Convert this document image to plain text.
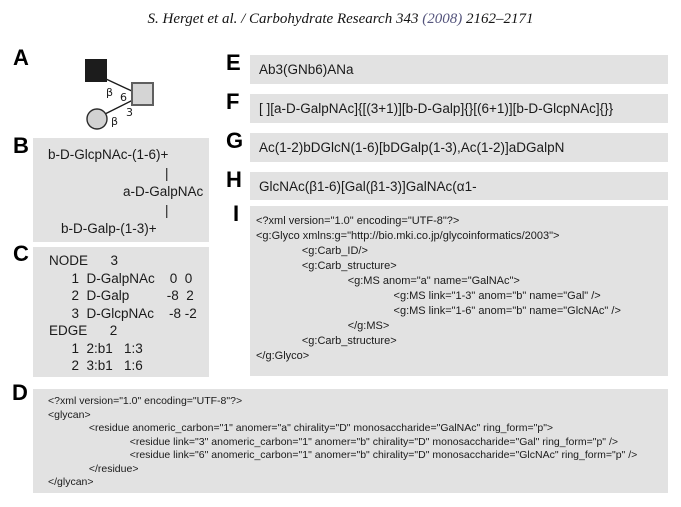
S. Herget et al. / Carbohydrate Research 343 (2008) 2162–2171
A
B
C
D
E
F
G
H
I
β 6
3
β
b-D-GlcpNAc-(1-6)+
|
a-D-GalpNAc
|
b-D-Galp-(1-3)+
NODE      3
1  D-GalpNAc    0  0
2  D-Galp          -8  2
3  D-GlcpNAc    -8 -2
EDGE      2
1  2:b1   1:3
2  3:b1   1:6
<?xml version="1.0" encoding="UTF-8"?>
<glycan>
	<residue anomeric_carbon="1" anomer="a" chirality="D" monosaccharide="GalNAc" ring_form="p">
		<residue link="3" anomeric_carbon="1" anomer="b" chirality="D" monosaccharide="Gal" ring_form="p" />
		<residue link="6" anomeric_carbon="1" anomer="b" chirality="D" monosaccharide="GlcNAc" ring_form="p" />
	</residue>
</glycan>
Ab3(GNb6)ANa
[ ][a-D-GalpNAc]{[(3+1)][b-D-Galp]{}[(6+1)][b-D-GlcpNAc]{}}
Ac(1-2)bDGlcN(1-6)[bDGalp(1-3),Ac(1-2)]aDGalpN
GlcNAc(β1-6)[Gal(β1-3)]GalNAc(α1-
<?xml version="1.0" encoding="UTF-8"?>
<g:Glyco xmlns:g="http://bio.mki.co.jp/glycoinformatics/2003">
	<g:Carb_ID/>
	<g:Carb_structure>
		<g:MS anom="a" name="GalNAc">
			<g:MS link="1-3" anom="b" name="Gal" />
			<g:MS link="1-6" anom="b" name="GlcNAc" />
		</g:MS>
	<g:Carb_structure>
</g:Glyco>
